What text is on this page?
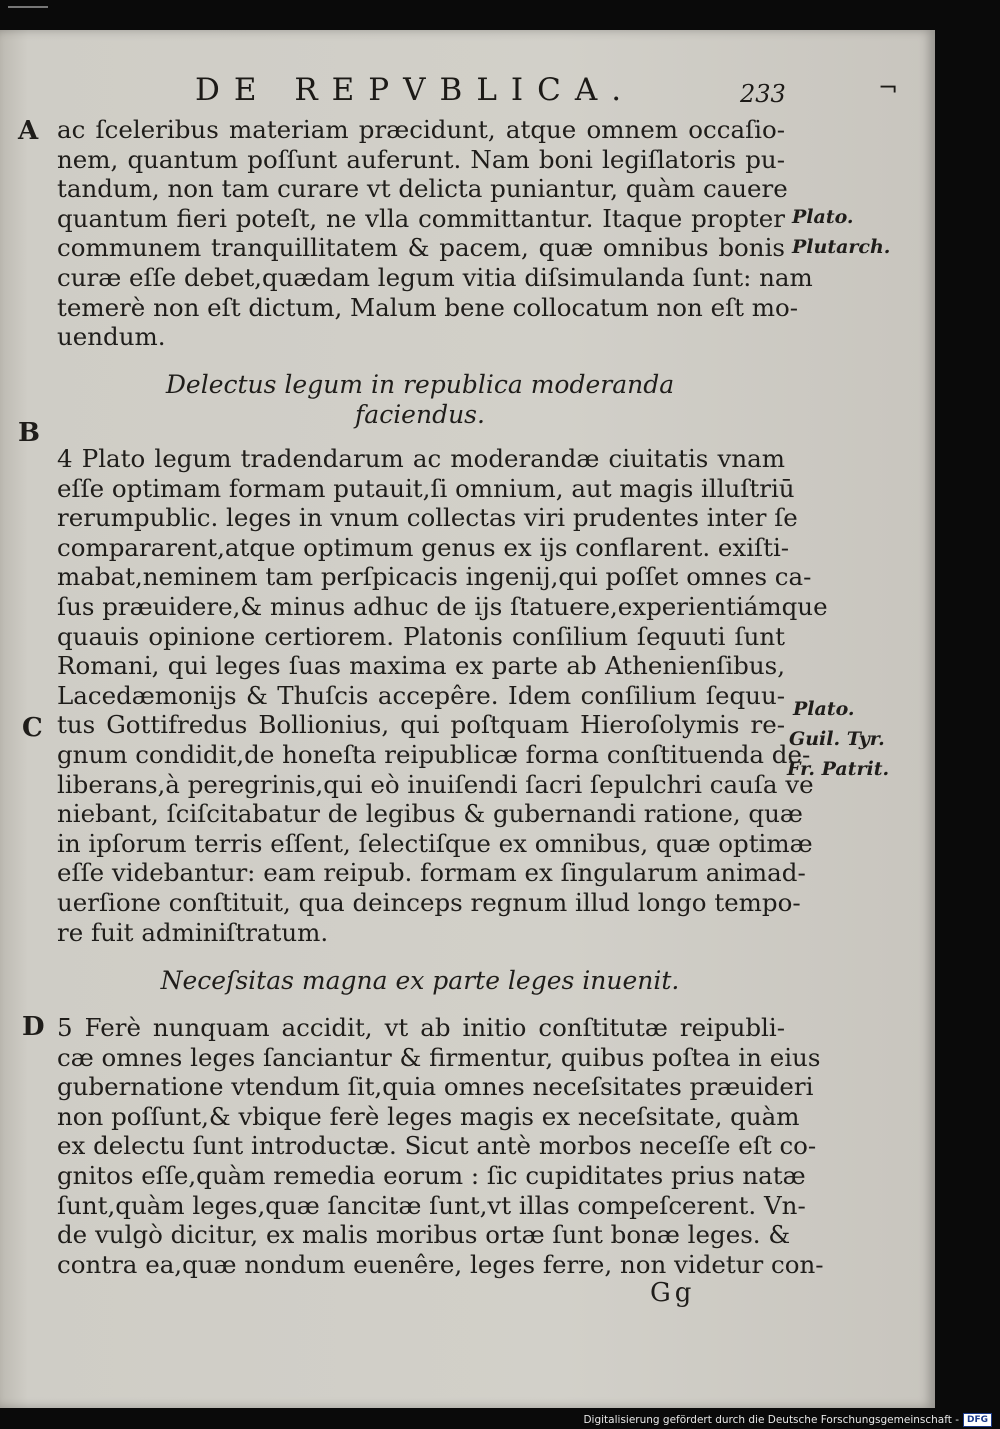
DE REPVBLICA.	233	¬
A
B
C
D
ac ſceleribus materiam præcidunt, atque omnem occaſio-
nem, quantum poſſunt auferunt. Nam boni legiſlatoris pu-
tandum, non tam curare vt delicta puniantur, quàm cauere
quantum fieri poteſt, ne vlla committantur. Itaque propter
communem tranquillitatem & pacem, quæ omnibus bonis
curæ eſſe debet,quædam legum vitia diſsimulanda ſunt: nam
temerè non eſt dictum, Malum bene collocatum non eſt mo-
uendum.
Delectus legum in republica moderanda
faciendus.
4 Plato legum tradendarum ac moderandæ ciuitatis vnam
eſſe optimam formam putauit,ſi omnium, aut magis illuſtriū
rerumpublic. leges in vnum collectas viri prudentes inter ſe
compararent,atque optimum genus ex ijs conflarent. exiſti-
mabat,neminem tam perſpicacis ingenij,qui poſſet omnes ca-
ſus præuidere,& minus adhuc de ijs ſtatuere,experientiámque
quauis opinione certiorem. Platonis conſilium ſequuti ſunt
Romani, qui leges ſuas maxima ex parte ab Athenienſibus,
Lacedæmonijs & Thuſcis accepêre. Idem conſilium ſequu-
tus Gottifredus Bollionius, qui poſtquam Hieroſolymis re-
gnum condidit,de honeſta reipublicæ forma conſtituenda de-
liberans,à peregrinis,qui eò inuiſendi ſacri ſepulchri cauſa ve
niebant, ſciſcitabatur de legibus & gubernandi ratione, quæ
in ipſorum terris eſſent, ſelectiſque ex omnibus, quæ optimæ
eſſe videbantur: eam reipub. formam ex ſingularum animad-
uerſione conſtituit, qua deinceps regnum illud longo tempo-
re fuit adminiſtratum.
Neceſsitas magna ex parte leges inuenit.
5 Ferè nunquam accidit, vt ab initio conſtitutæ reipubli-
cæ omnes leges ſanciantur & firmentur, quibus poſtea in eius
gubernatione vtendum ſit,quia omnes neceſsitates præuideri
non poſſunt,& vbique ferè leges magis ex neceſsitate, quàm
ex delectu ſunt introductæ. Sicut antè morbos neceſſe eſt co-
gnitos eſſe,quàm remedia eorum : ſic cupiditates prius natæ
ſunt,quàm leges,quæ ſancitæ ſunt,vt illas compeſcerent. Vn-
de vulgò dicitur, ex malis moribus ortæ ſunt bonæ leges. &
contra ea,quæ nondum euenêre, leges ferre, non videtur con-
Plato.
Plutarch.
Plato.
Guil. Tyr.
Fr. Patrit.
Gg
Digitalisierung gefördert durch die Deutsche Forschungsgemeinschaft - DFG
